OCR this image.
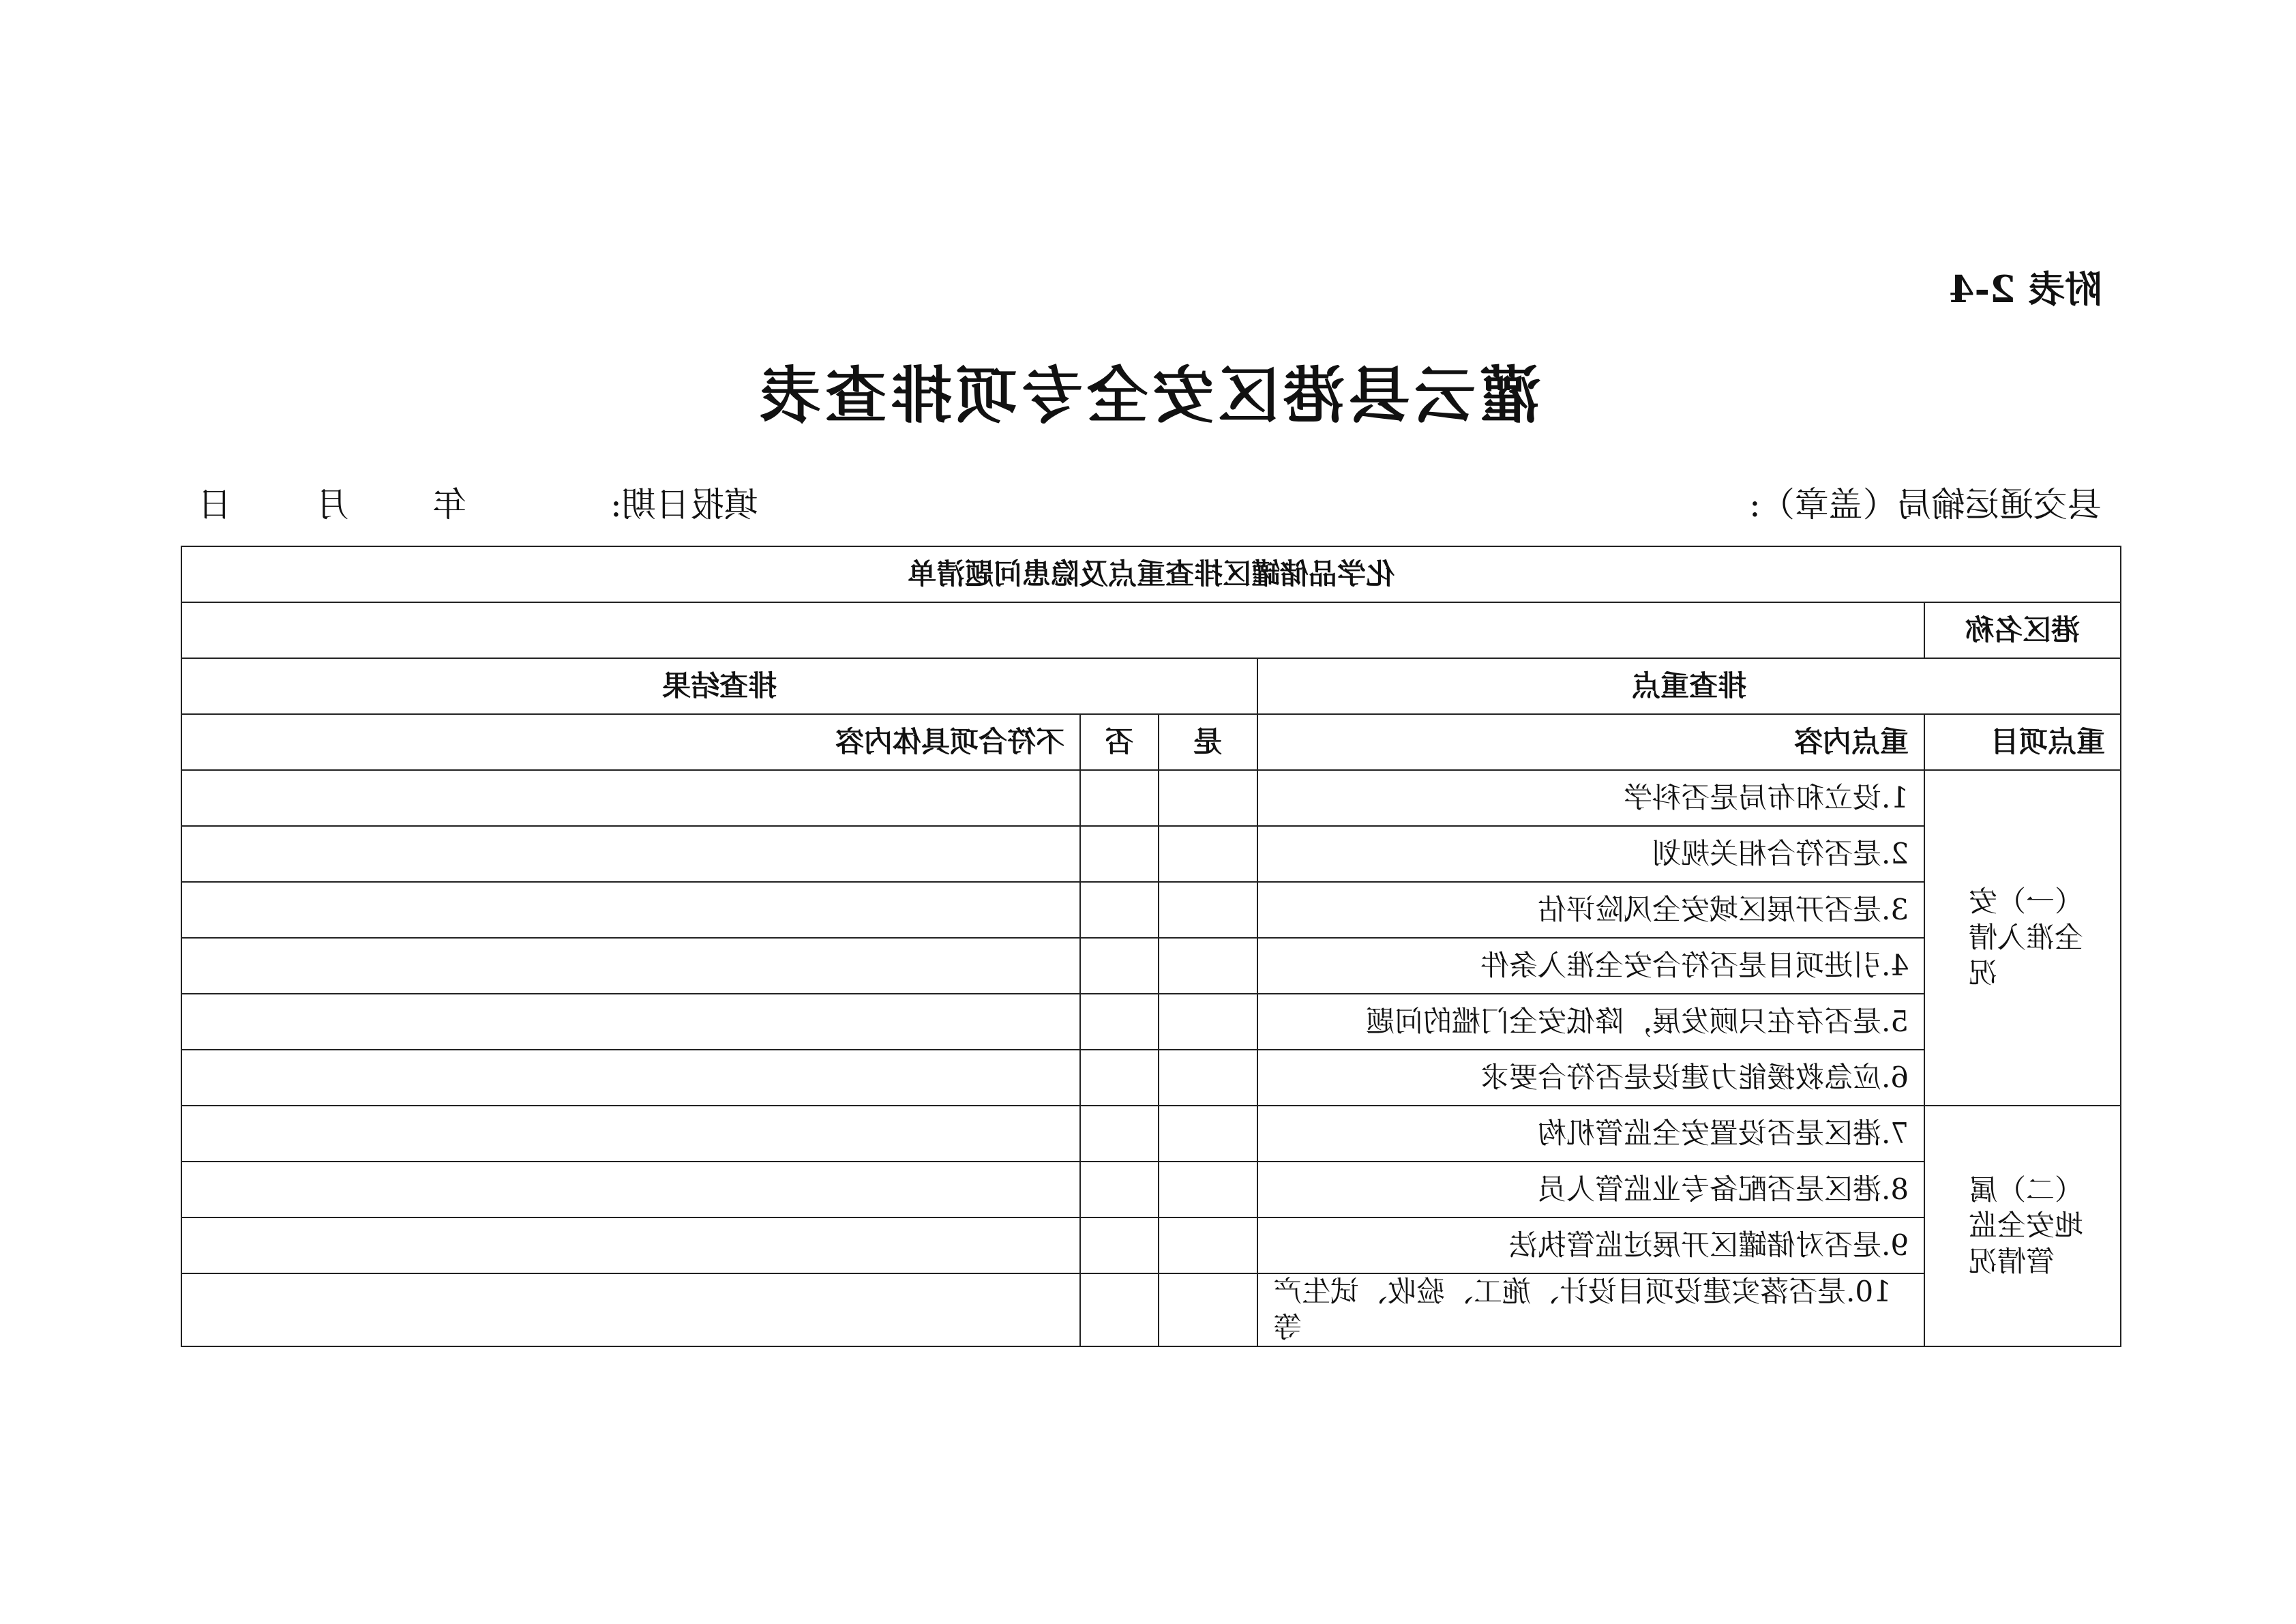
附表 2-4
灌云县港区安全专项排查表
县交通运输局（盖章）:
日 月 年	填报日期:
化学品储罐区排查重点及隐患问题清单				
				港区名称
排查结果			排查重点	
不符合项具体内容	否	是	重点内容	重点项目
			1.设立和布局是否科学	（一）安全准入情况
			2.是否符合相关规划	
			3.是否开展区域安全风险评估	
			4.引进项目是否符合安全准入条件	
			5.是否存在只顾发展，降低安全门槛的问题	
			6.应急救援能力建设是否符合要求	
			7.港区是否设置安全监管机构	（二）属地安全监管情况
			8.港区是否配备专业监管人员	
			9.是否对储罐区开展过监管执法	
			10.是否落实建设项目设计、施工、验收、试生产等	
